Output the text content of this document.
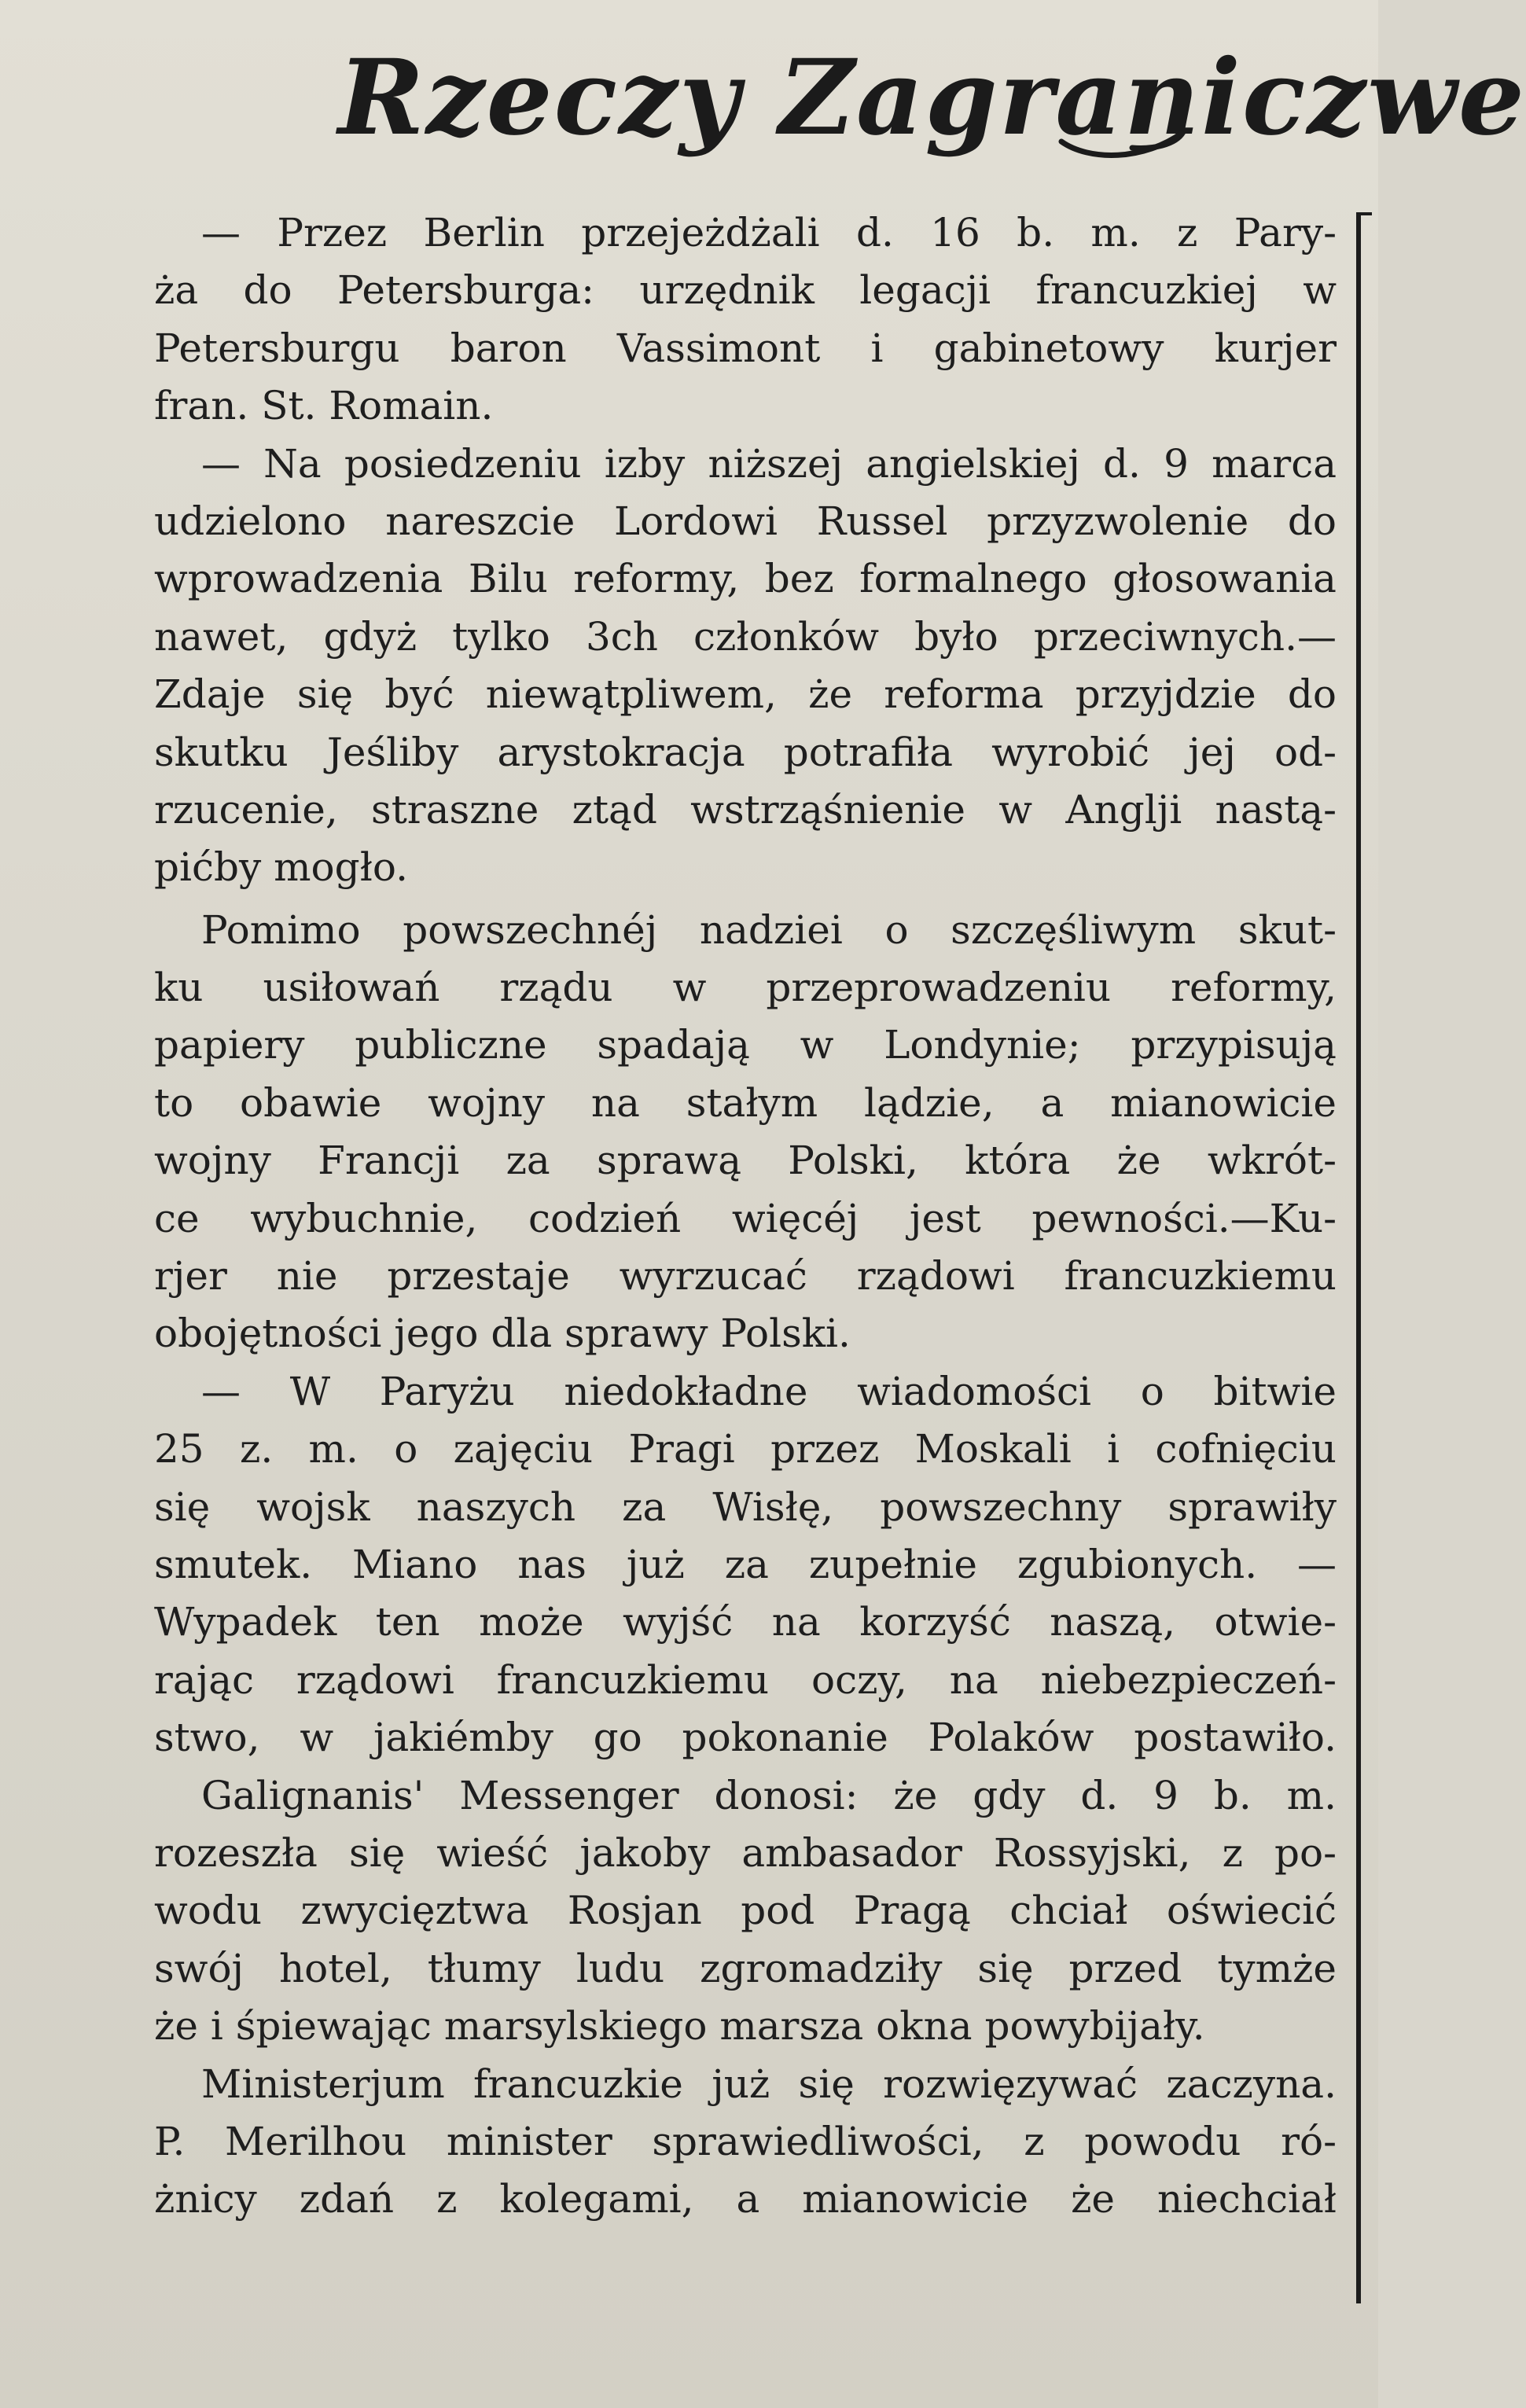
Rzeczy Zagraniczwe
— Przez Berlin przejeżdżali d. 16 b. m. z Pary-
ża do Petersburga: urzędnik legacji francuzkiej w
Petersburgu baron Vassimont i gabinetowy kurjer
fran. St. Romain.
— Na posiedzeniu izby niższej angielskiej d. 9 marca
udzielono nareszcie Lordowi Russel przyzwolenie do
wprowadzenia Bilu reformy, bez formalnego głosowania
nawet, gdyż tylko 3ch członków było przeciwnych.—
Zdaje się być niewątpliwem, że reforma przyjdzie do
skutku Jeśliby arystokracja potrafiła wyrobić jej od-
rzucenie, straszne ztąd wstrząśnienie w Anglji nastą-
pićby mogło.
Pomimo powszechnéj nadziei o szczęśliwym skut-
ku usiłowań rządu w przeprowadzeniu reformy,
papiery publiczne spadają w Londynie; przypisują
to obawie wojny na stałym lądzie, a mianowicie
wojny Francji za sprawą Polski, która że wkrót-
ce wybuchnie, codzień więcéj jest pewności.—Ku-
rjer nie przestaje wyrzucać rządowi francuzkiemu
obojętności jego dla sprawy Polski.
— W Paryżu niedokładne wiadomości o bitwie
25 z. m. o zajęciu Pragi przez Moskali i cofnięciu
się wojsk naszych za Wisłę, powszechny sprawiły
smutek. Miano nas już za zupełnie zgubionych. —
Wypadek ten może wyjść na korzyść naszą, otwie-
rając rządowi francuzkiemu oczy, na niebezpieczeń-
stwo, w jakiémby go pokonanie Polaków postawiło.
Galignanis' Messenger donosi: że gdy d. 9 b. m.
rozeszła się wieść jakoby ambasador Rossyjski, z po-
wodu zwycięztwa Rosjan pod Pragą chciał oświecić
swój hotel, tłumy ludu zgromadziły się przed tymże
że i śpiewając marsylskiego marsza okna powybijały.
Ministerjum francuzkie już się rozwięzywać zaczyna.
P. Merilhou minister sprawiedliwości, z powodu ró-
żnicy zdań z kolegami, a mianowicie że niechciał
